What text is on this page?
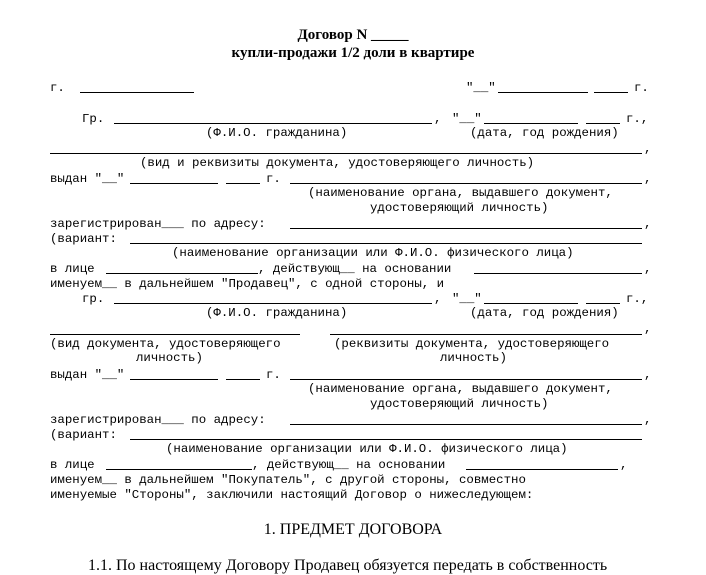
Договор N _____
купли-продажи 1/2 доли в квартире
г.	"__"	г.
Гр.	, "__"	г.,
(Ф.И.О. гражданина)	(дата, год рождения)
,
(вид и реквизиты документа, удостоверяющего личность)
выдан "__"	г.	,
(наименование органа, выдавшего документ,
удостоверяющий личность)
зарегистрирован___ по адресу:	,
(вариант:
(наименование организации или Ф.И.О. физического лица)
в лице	, действующ__ на основании	,
именуем__ в дальнейшем "Продавец", с одной стороны, и
гр.	, "__"	г.,
(Ф.И.О. гражданина)	(дата, год рождения)
,
(вид документа, удостоверяющего
личность)
(реквизиты документа, удостоверяющего
личность)
выдан "__"	г.	,
(наименование органа, выдавшего документ,
удостоверяющий личность)
зарегистрирован___ по адресу:	,
(вариант:
(наименование организации или Ф.И.О. физического лица)
в лице	, действующ__ на основании	,
именуем__ в дальнейшем "Покупатель", с другой стороны, совместно
именуемые "Стороны", заключили настоящий Договор о нижеследующем:
1. ПРЕДМЕТ ДОГОВОРА
1.1. По настоящему Договору Продавец обязуется передать в собственность
